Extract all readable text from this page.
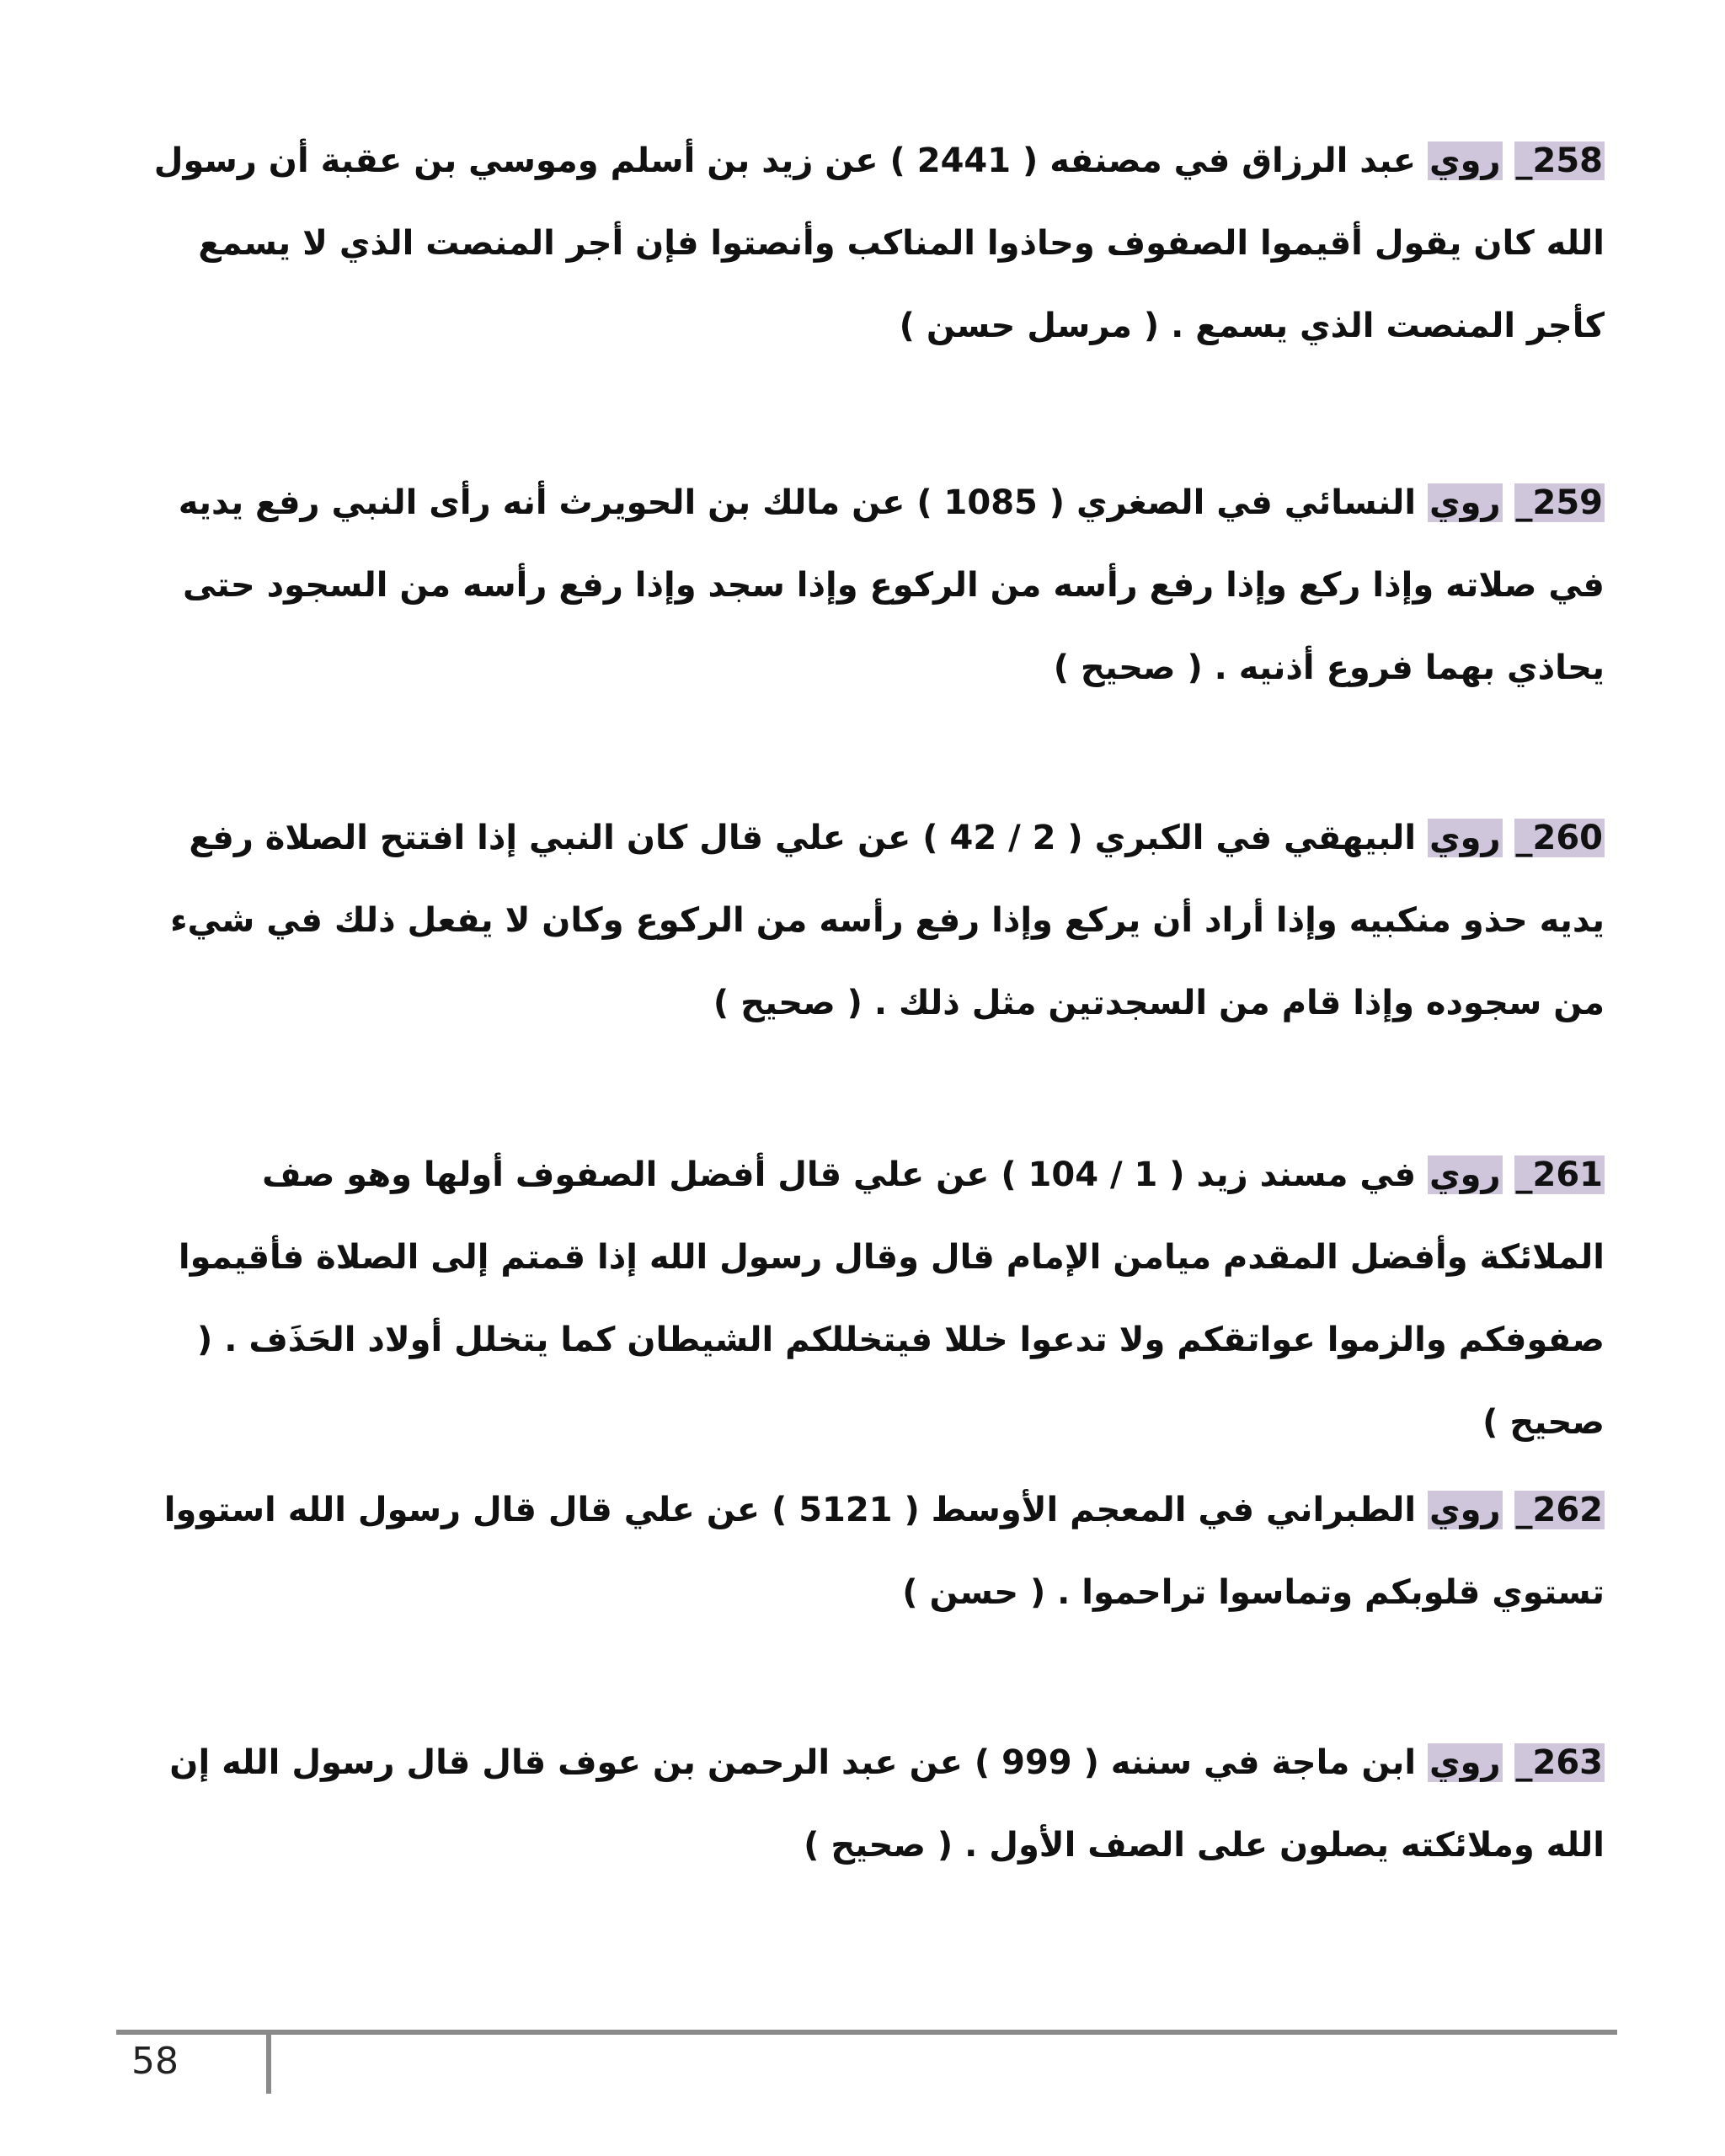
258_ روي عبد الرزاق في مصنفه ( 2441 ) عن زيد بن أسلم وموسي بن عقبة أن رسول الله كان يقول أقيموا الصفوف وحاذوا المناكب وأنصتوا فإن أجر المنصت الذي لا يسمع كأجر المنصت الذي يسمع . ( مرسل حسن )

259_ روي النسائي في الصغري ( 1085 ) عن مالك بن الحويرث أنه رأى النبي رفع يديه في صلاته وإذا ركع وإذا رفع رأسه من الركوع وإذا سجد وإذا رفع رأسه من السجود حتى يحاذي بهما فروع أذنيه . ( صحيح )

260_ روي البيهقي في الكبري ( 2 / 42 ) عن علي قال كان النبي إذا افتتح الصلاة رفع يديه حذو منكبيه وإذا أراد أن يركع وإذا رفع رأسه من الركوع وكان لا يفعل ذلك في شيء من سجوده وإذا قام من السجدتين مثل ذلك . ( صحيح )

261_ روي في مسند زيد ( 1 / 104 ) عن علي قال أفضل الصفوف أولها وهو صف الملائكة وأفضل المقدم ميامن الإمام قال وقال رسول الله إذا قمتم إلى الصلاة فأقيموا صفوفكم والزموا عواتقكم ولا تدعوا خللا فيتخللكم الشيطان كما يتخلل أولاد الحَذَف . ( صحيح )

262_ روي الطبراني في المعجم الأوسط ( 5121 ) عن علي قال قال رسول الله استووا تستوي قلوبكم وتماسوا تراحموا . ( حسن )

263_ روي ابن ماجة في سننه ( 999 ) عن عبد الرحمن بن عوف قال قال رسول الله إن الله وملائكته يصلون على الصف الأول . ( صحيح )

58
